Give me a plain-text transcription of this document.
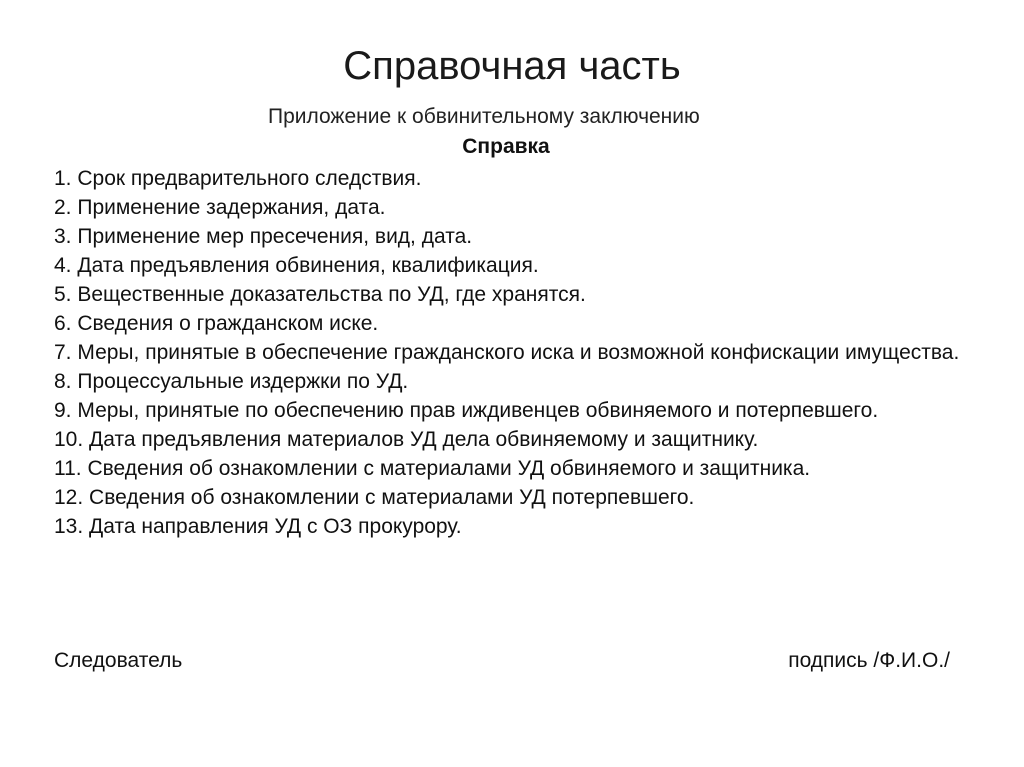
Справочная часть
Приложение к обвинительному заключению
Справка
1. Срок предварительного следствия.
2. Применение задержания, дата.
3. Применение мер пресечения, вид, дата.
4. Дата предъявления обвинения, квалификация.
5. Вещественные доказательства по УД, где хранятся.
6. Сведения о гражданском иске.
7. Меры, принятые в обеспечение гражданского иска и возможной конфискации имущества.
8. Процессуальные издержки по УД.
9. Меры, принятые по обеспечению прав иждивенцев обвиняемого и потерпевшего.
10. Дата предъявления материалов УД дела обвиняемому и защитнику.
11. Сведения об ознакомлении с материалами УД обвиняемого и защитника.
12. Сведения об ознакомлении с материалами УД потерпевшего.
13. Дата направления УД с ОЗ прокурору.
Следователь	подпись /Ф.И.О./
